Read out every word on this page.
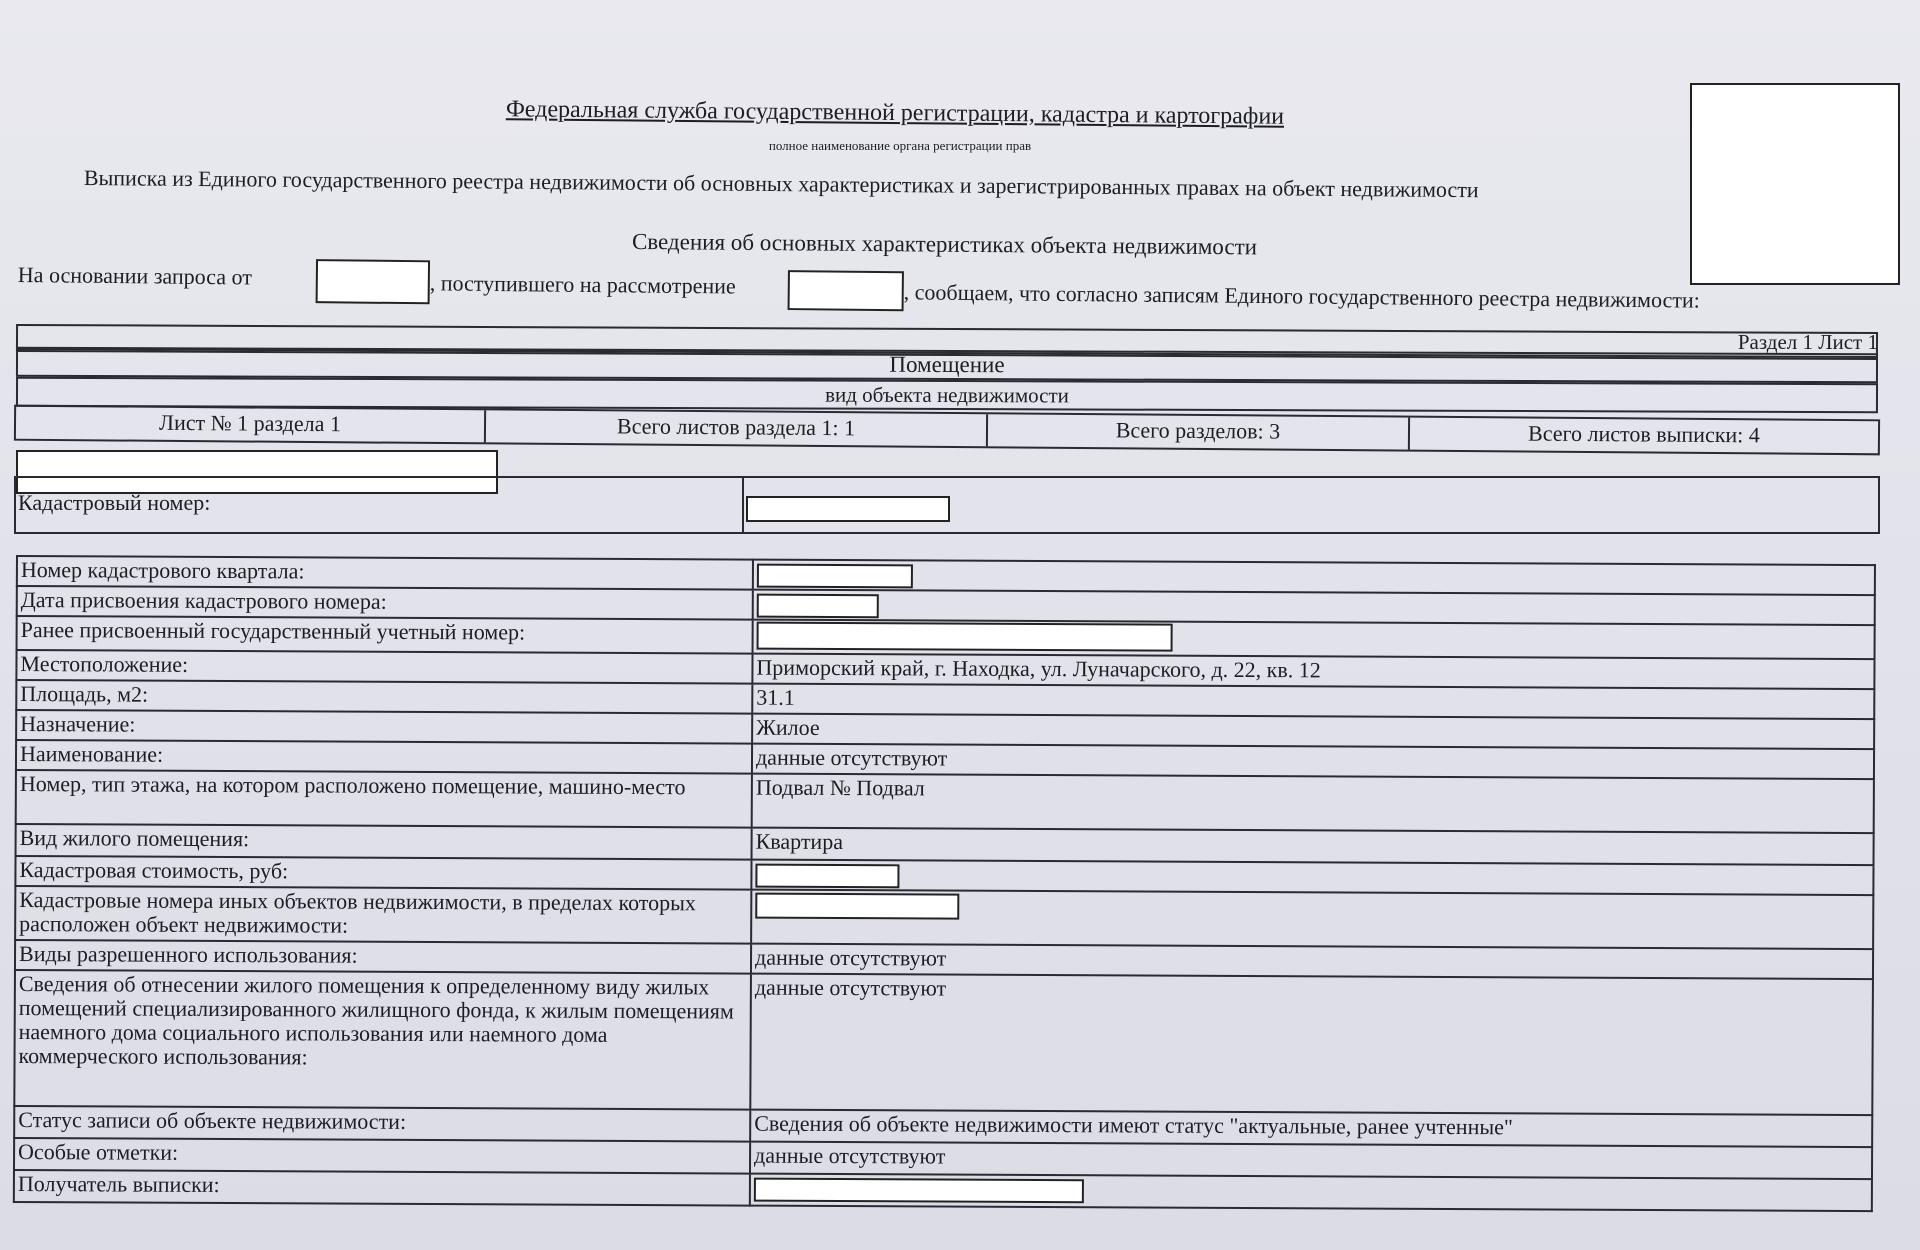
Федеральная служба государственной регистрации, кадастра и картографии
полное наименование органа регистрации прав
Выписка из Единого государственного реестра недвижимости об основных характеристиках и зарегистрированных правах на объект недвижимости
Сведения об основных характеристиках объекта недвижимости
На основании запроса от	, поступившего на рассмотрение	, сообщаем, что согласно записям Единого государственного реестра недвижимости:
Раздел 1 Лист 1
Помещение
вид объекта недвижимости
Лист № 1 раздела 1	Всего листов раздела 1: 1	Всего разделов: 3	Всего листов выписки: 4
Кадастровый номер:
Номер кадастрового квартала:	
Дата присвоения кадастрового номера:	
Ранее присвоенный государственный учетный номер:	
Местоположение:	Приморский край, г. Находка, ул. Луначарского, д. 22, кв. 12
Площадь, м2:	31.1
Назначение:	Жилое
Наименование:	данные отсутствуют
Номер, тип этажа, на котором расположено помещение, машино-место	Подвал № Подвал
Вид жилого помещения:	Квартира
Кадастровая стоимость, руб:	
Кадастровые номера иных объектов недвижимости, в пределах которых расположен объект недвижимости:	
Виды разрешенного использования:	данные отсутствуют
Сведения об отнесении жилого помещения к определенному виду жилых помещений специализированного жилищного фонда, к жилым помещениям наемного дома социального использования или наемного дома коммерческого использования:	данные отсутствуют
Статус записи об объекте недвижимости:	Сведения об объекте недвижимости имеют статус "актуальные, ранее учтенные"
Особые отметки:	данные отсутствуют
Получатель выписки:	
